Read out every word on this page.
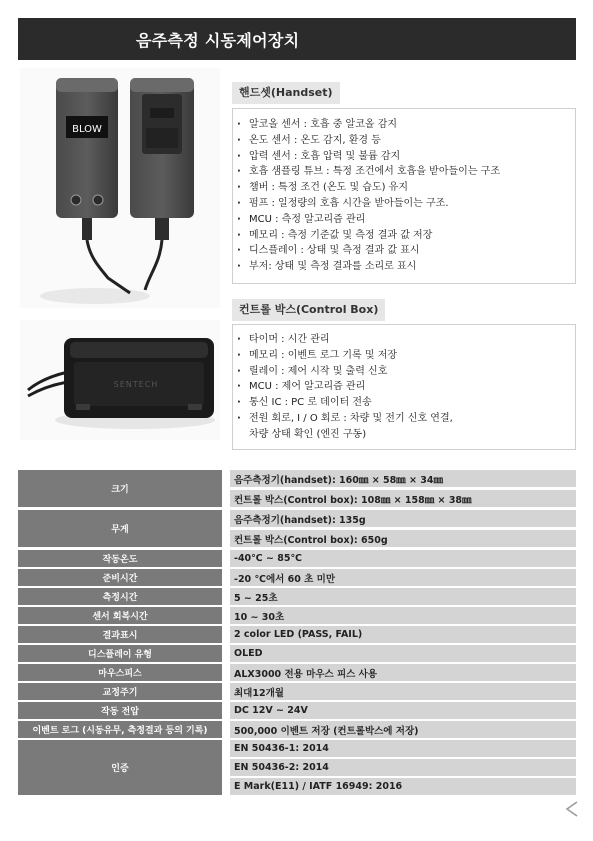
음주측정 시동제어장치
BLOW
핸드셋(Handset)
· 알코올 센서 : 호흡 중 알코올 감지
· 온도 센서 : 온도 감지, 환경 등
· 압력 센서 : 호흡 압력 및 불륨 감지
· 호흡 샘플링 튜브 : 특정 조건에서 호흡을 받아들이는 구조
· 챔버 : 특정 조건 (온도 및 습도) 유지
· 펌프 : 일정량의 호흡 시간을 받아들이는 구조.
· MCU : 측정 알고리즘 관리
· 메모리 : 측정 기준값 및 측정 결과 값 저장
· 디스플레이 : 상태 및 측정 결과 값 표시
· 부저: 상태 및 측정 결과를 소리로 표시
SENTECH
컨트롤 박스(Control Box)
· 타이머 : 시간 관리
· 메모리 : 이벤트 로그 기록 및 저장
· 릴레이 : 제어 시작 및 출력 신호
· MCU : 제어 알고리즘 관리
· 통신 IC : PC 로 데이터 전송
· 전원 회로, I / O 회로 : 차량 및 전기 신호 연결,
차량 상태 확인 (엔진 구동)
크기
음주측정기(handset): 160㎜ × 58㎜ × 34㎜
컨트롤 박스(Control box): 108㎜ × 158㎜ × 38㎜
무게
음주측정기(handset): 135g
컨트롤 박스(Control box): 650g
작동온도	-40℃ ~ 85℃
준비시간	-20 ℃에서 60 초 미만
측정시간	5 ~ 25초
센서 회복시간	10 ~ 30초
결과표시	2 color LED (PASS, FAIL)
디스플레이 유형	OLED
마우스피스	ALX3000 전용 마우스 피스 사용
교정주기	최대12개월
작동 전압	DC 12V ~ 24V
이벤트 로그 (시동유무, 측정결과 등의 기록)	500,000 이벤트 저장 (컨트롤박스에 저장)
인증
EN 50436-1: 2014
EN 50436-2: 2014
E Mark(E11) / IATF 16949: 2016
